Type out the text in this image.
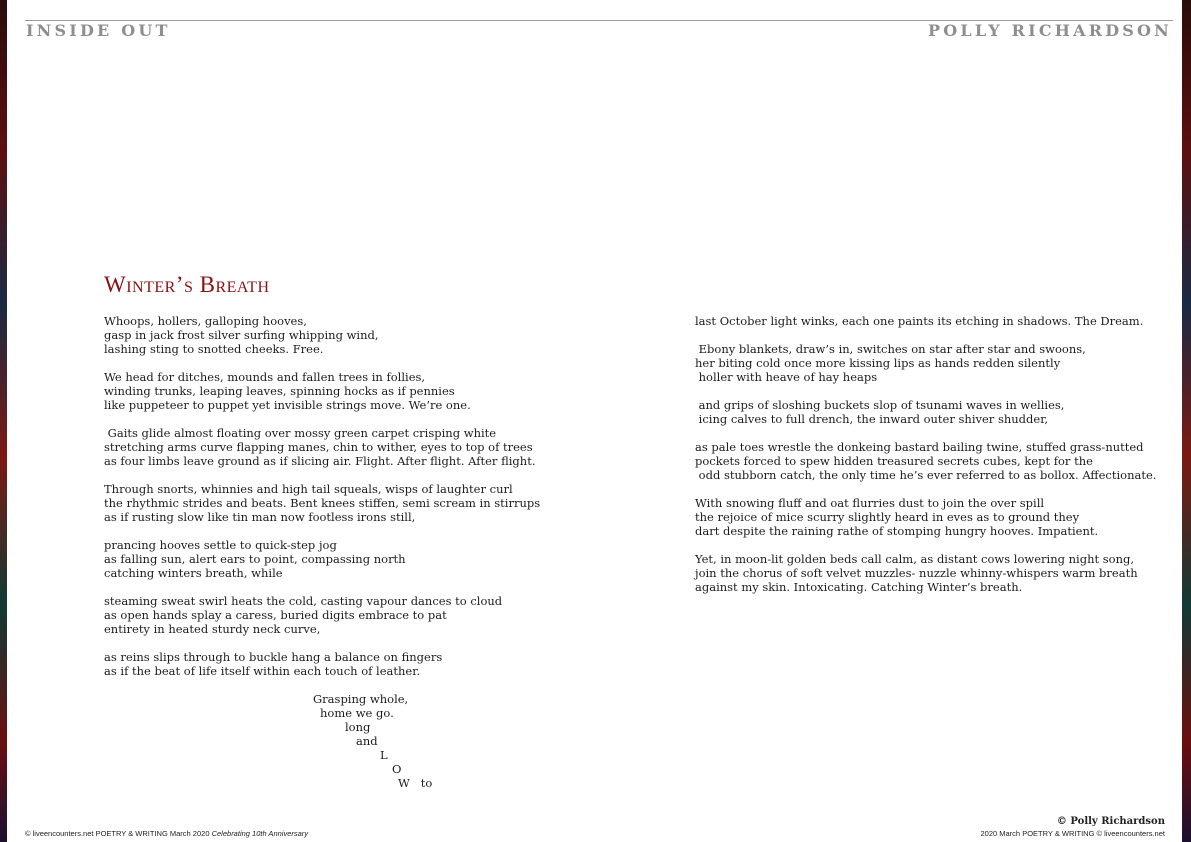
INSIDE OUT	POLLY RICHARDSON
Winter’s Breath
Whoops, hollers, galloping hooves,
gasp in jack frost silver surfing whipping wind,
lashing sting to snotted cheeks. Free.
We head for ditches, mounds and fallen trees in follies,
winding trunks, leaping leaves, spinning hocks as if pennies
like puppeteer to puppet yet invisible strings move. We’re one.
Gaits glide almost floating over mossy green carpet crisping white
stretching arms curve flapping manes, chin to wither, eyes to top of trees
as four limbs leave ground as if slicing air. Flight. After flight. After flight.
Through snorts, whinnies and high tail squeals, wisps of laughter curl
the rhythmic strides and beats. Bent knees stiffen, semi scream in stirrups
as if rusting slow like tin man now footless irons still,
prancing hooves settle to quick-step jog
as falling sun, alert ears to point, compassing north
catching winters breath, while
steaming sweat swirl heats the cold, casting vapour dances to cloud
as open hands splay a caress, buried digits embrace to pat
entirety in heated sturdy neck curve,
as reins slips through to buckle hang a balance on fingers
as if the beat of life itself within each touch of leather.
Grasping whole,
home we go.
long
and
L
O
W   to
last October light winks, each one paints its etching in shadows. The Dream.
Ebony blankets, draw’s in, switches on star after star and swoons,
her biting cold once more kissing lips as hands redden silently
holler with heave of hay heaps
and grips of sloshing buckets slop of tsunami waves in wellies,
icing calves to full drench, the inward outer shiver shudder,
as pale toes wrestle the donkeing bastard bailing twine, stuffed grass-nutted
pockets forced to spew hidden treasured secrets cubes, kept for the
odd stubborn catch, the only time he’s ever referred to as bollox. Affectionate.
With snowing fluff and oat flurries dust to join the over spill
the rejoice of mice scurry slightly heard in eves as to ground they
dart despite the raining rathe of stomping hungry hooves. Impatient.
Yet, in moon-lit golden beds call calm, as distant cows lowering night song,
join the chorus of soft velvet muzzles- nuzzle whinny-whispers warm breath
against my skin. Intoxicating. Catching Winter’s breath.
© liveencounters.net POETRY & WRITING March 2020 Celebrating 10th Anniversary
© Polly Richardson
2020 March POETRY & WRITING © liveencounters.net
